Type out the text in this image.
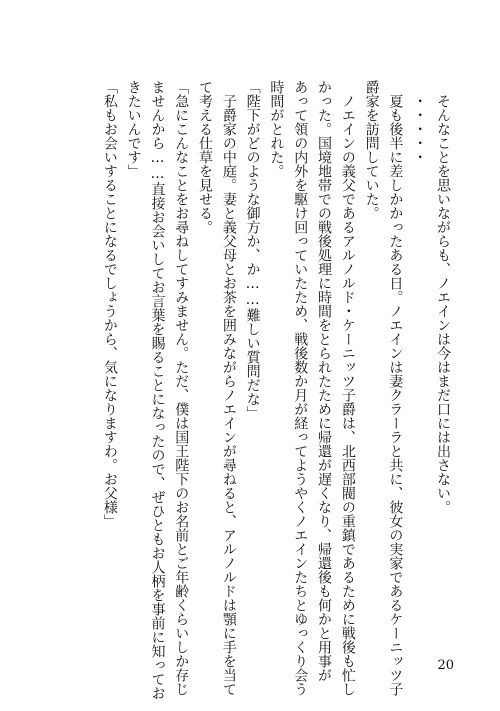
　そんなことを思いながらも、ノエインは今はまだ口には出さない。
　・・・・・
　夏も後半に差しかかったある日。ノエインは妻クラーラと共に、彼女の実家であるケーニッツ子
爵家を訪問していた。
　ノエインの義父であるアルノルド・ケーニッツ子爵は、北西部閥の重鎮であるために戦後も忙し
かった。国境地帯での戦後処理に時間をとられたために帰還が遅くなり、帰還後も何かと用事が
あって領の内外を駆け回っていたため、戦後数か月が経ってようやくノエインたちとゆっくり会う
時間がとれた。
「陛下がどのような御方か、か……難しい質問だな」
　子爵家の中庭。妻と義父母とお茶を囲みながらノエインが尋ねると、アルノルドは顎に手を当て
て考える仕草を見せる。
「急にこんなことをお尋ねしてすみません。ただ、僕は国王陛下のお名前とご年齢くらいしか存じ
ませんから……直接お会いしてお言葉を賜ることになったので、ぜひともお人柄を事前に知ってお
きたいんです」
「私もお会いすることになるでしょうから、気になりますわ。お父様」
20
